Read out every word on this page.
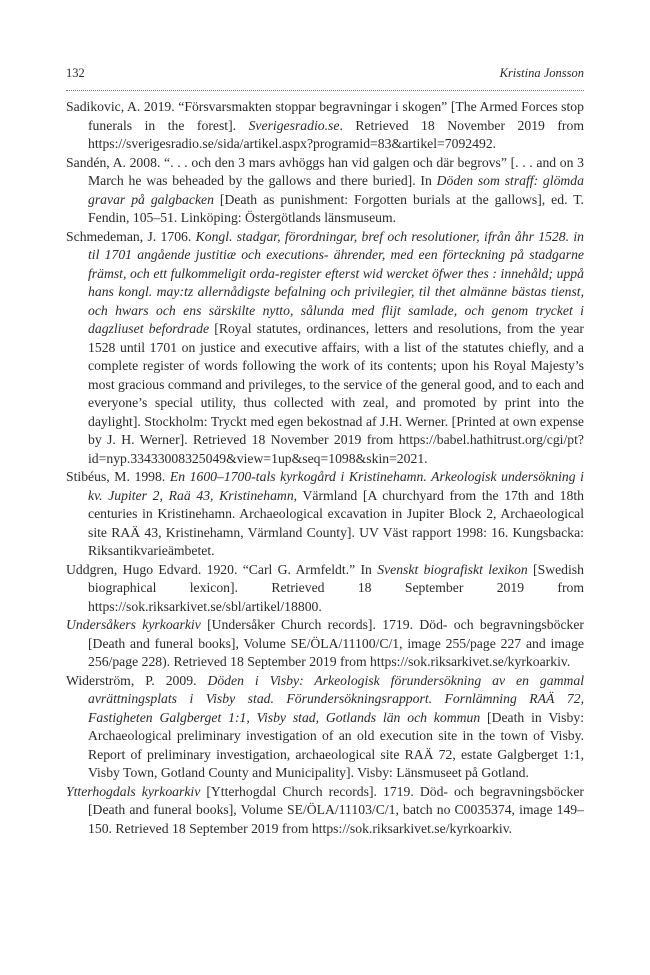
132	Kristina Jonsson
Sadikovic, A. 2019. “Försvarsmakten stoppar begravningar i skogen” [The Armed Forces stop funerals in the forest]. Sverigesradio.se. Retrieved 18 November 2019 from https://sverigesradio.se/sida/artikel.aspx?programid=83&artikel=7092492.
Sandén, A. 2008. “. . . och den 3 mars avhöggs han vid galgen och där begrovs” [. . . and on 3 March he was beheaded by the gallows and there buried]. In Döden som straff: glömda gravar på galgbacken [Death as punishment: Forgotten burials at the gallows], ed. T. Fendin, 105–51. Linköping: Östergötlands länsmuseum.
Schmedeman, J. 1706. Kongl. stadgar, förordningar, bref och resolutioner, ifrån åhr 1528. in til 1701 angående justitiæ och executions- ährender, med een förteckning på stadgarne främst, och ett fulkommeligit orda-register efterst wid wercket öfwer thes : innehåld; uppå hans kongl. may:tz allernådigste befalning och privilegier, til thet almänne bästas tienst, och hwars och ens särskilte nytto, sålunda med flijt samlade, och genom trycket i dagzliuset befordrade [Royal statutes, ordinances, letters and resolutions, from the year 1528 until 1701 on justice and executive affairs, with a list of the statutes chiefly, and a complete register of words following the work of its contents; upon his Royal Majesty’s most gracious command and privileges, to the service of the general good, and to each and everyone’s special utility, thus collected with zeal, and promoted by print into the daylight]. Stockholm: Tryckt med egen bekostnad af J.H. Werner. [Printed at own expense by J. H. Werner]. Retrieved 18 November 2019 from https://babel.hathitrust.org/cgi/pt?id=nyp.33433008325049&view=1up&seq=1098&skin=2021.
Stibéus, M. 1998. En 1600–1700-tals kyrkogård i Kristinehamn. Arkeologisk undersökning i kv. Jupiter 2, Raä 43, Kristinehamn, Värmland [A churchyard from the 17th and 18th centuries in Kristinehamn. Archaeological excavation in Jupiter Block 2, Archaeological site RAÄ 43, Kristinehamn, Värmland County]. UV Väst rapport 1998: 16. Kungsbacka: Riksantikvarieämbetet.
Uddgren, Hugo Edvard. 1920. “Carl G. Armfeldt.” In Svenskt biografiskt lexikon [Swedish biographical lexicon]. Retrieved 18 September 2019 from https://sok.riksarkivet.se/sbl/artikel/18800.
Undersåkers kyrkoarkiv [Undersåker Church records]. 1719. Död- och begravningsböcker [Death and funeral books], Volume SE/ÖLA/11100/C/1, image 255/page 227 and image 256/page 228). Retrieved 18 September 2019 from https://sok.riksarkivet.se/kyrkoarkiv.
Widerström, P. 2009. Döden i Visby: Arkeologisk förundersökning av en gammal avrättningsplats i Visby stad. Förundersökningsrapport. Fornlämning RAÄ 72, Fastigheten Galgberget 1:1, Visby stad, Gotlands län och kommun [Death in Visby: Archaeological preliminary investigation of an old execution site in the town of Visby. Report of preliminary investigation, archaeological site RAÄ 72, estate Galgberget 1:1, Visby Town, Gotland County and Municipality]. Visby: Länsmuseet på Gotland.
Ytterhogdals kyrkoarkiv [Ytterhogdal Church records]. 1719. Död- och begravningsböcker [Death and funeral books], Volume SE/ÖLA/11103/C/1, batch no C0035374, image 149–150. Retrieved 18 September 2019 from https://sok.riksarkivet.se/kyrkoarkiv.
